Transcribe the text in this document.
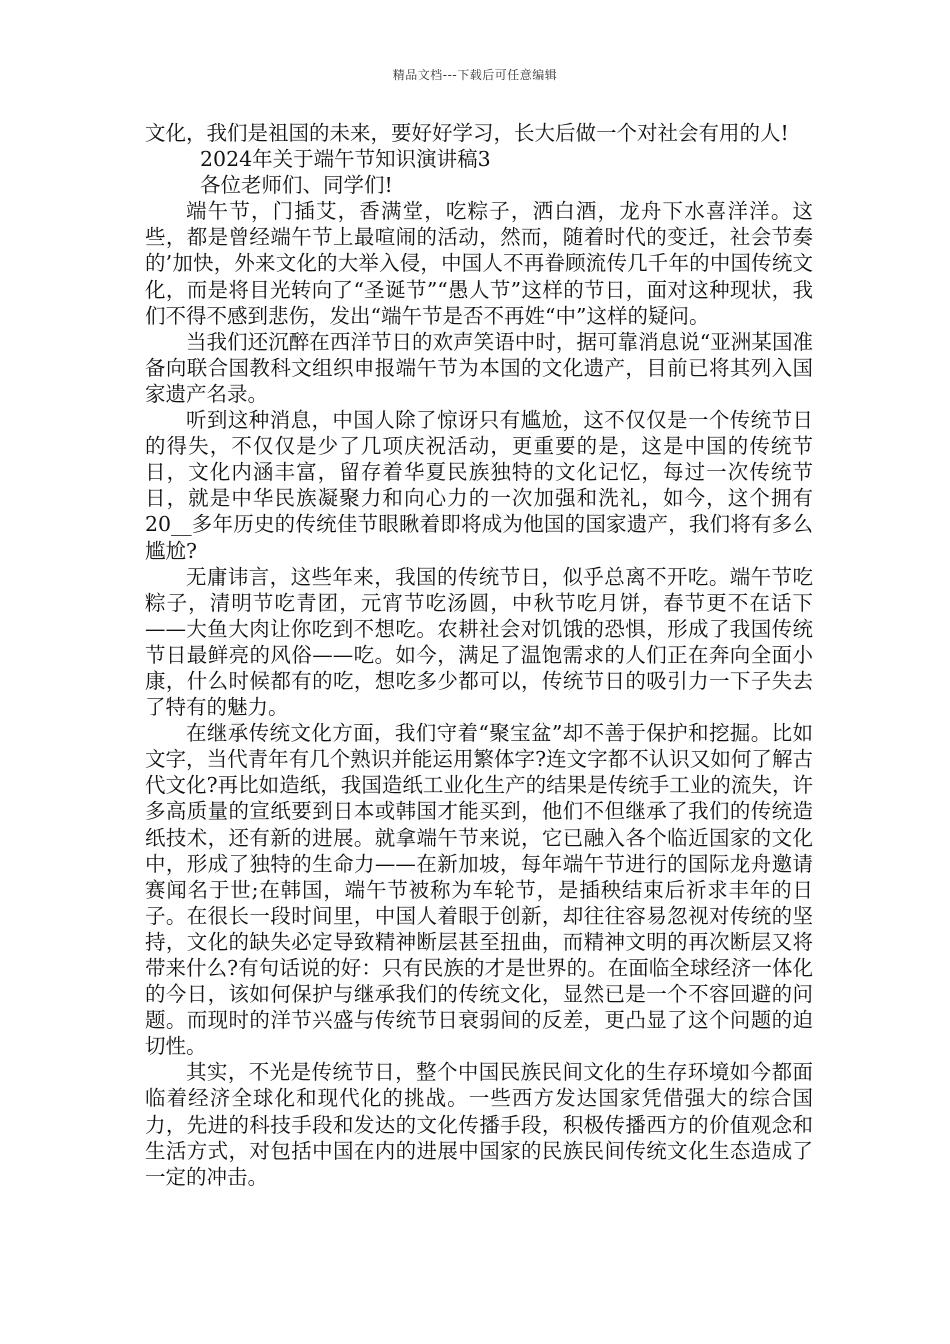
精品文档---下载后可任意编辑

文化，我们是祖国的未来，要好好学习，长大后做一个对社会有用的人!

2024年关于端午节知识演讲稿3

各位老师们、同学们!

端午节，门插艾，香满堂，吃粽子，洒白酒，龙舟下水喜洋洋。这些，都是曾经端午节上最喧闹的活动，然而，随着时代的变迁，社会节奏的’加快，外来文化的大举入侵，中国人不再眷顾流传几千年的中国传统文化，而是将目光转向了“圣诞节”“愚人节”这样的节日，面对这种现状，我们不得不感到悲伤，发出“端午节是否不再姓“中”这样的疑问。

当我们还沉醉在西洋节日的欢声笑语中时，据可靠消息说“亚洲某国准备向联合国教科文组织申报端午节为本国的文化遗产，目前已将其列入国家遗产名录。

听到这种消息，中国人除了惊讶只有尴尬，这不仅仅是一个传统节日的得失，不仅仅是少了几项庆祝活动，更重要的是，这是中国的传统节日，文化内涵丰富，留存着华夏民族独特的文化记忆，每过一次传统节日，就是中华民族凝聚力和向心力的一次加强和洗礼，如今，这个拥有20__多年历史的传统佳节眼瞅着即将成为他国的国家遗产，我们将有多么尴尬?

无庸讳言，这些年来，我国的传统节日，似乎总离不开吃。端午节吃粽子，清明节吃青团，元宵节吃汤圆，中秋节吃月饼，春节更不在话下——大鱼大肉让你吃到不想吃。农耕社会对饥饿的恐惧，形成了我国传统节日最鲜亮的风俗——吃。如今，满足了温饱需求的人们正在奔向全面小康，什么时候都有的吃，想吃多少都可以，传统节日的吸引力一下子失去了特有的魅力。

在继承传统文化方面，我们守着“聚宝盆”却不善于保护和挖掘。比如文字，当代青年有几个熟识并能运用繁体字?连文字都不认识又如何了解古代文化?再比如造纸，我国造纸工业化生产的结果是传统手工业的流失，许多高质量的宣纸要到日本或韩国才能买到，他们不但继承了我们的传统造纸技术，还有新的进展。就拿端午节来说，它已融入各个临近国家的文化中，形成了独特的生命力——在新加坡，每年端午节进行的国际龙舟邀请赛闻名于世;在韩国，端午节被称为车轮节，是插秧结束后祈求丰年的日子。在很长一段时间里，中国人着眼于创新，却往往容易忽视对传统的坚持，文化的缺失必定导致精神断层甚至扭曲，而精神文明的再次断层又将带来什么?有句话说的好：只有民族的才是世界的。在面临全球经济一体化的今日，该如何保护与继承我们的传统文化，显然已是一个不容回避的问题。而现时的洋节兴盛与传统节日衰弱间的反差，更凸显了这个问题的迫切性。

其实，不光是传统节日，整个中国民族民间文化的生存环境如今都面临着经济全球化和现代化的挑战。一些西方发达国家凭借强大的综合国力，先进的科技手段和发达的文化传播手段，积极传播西方的价值观念和生活方式，对包括中国在内的进展中国家的民族民间传统文化生态造成了一定的冲击。
